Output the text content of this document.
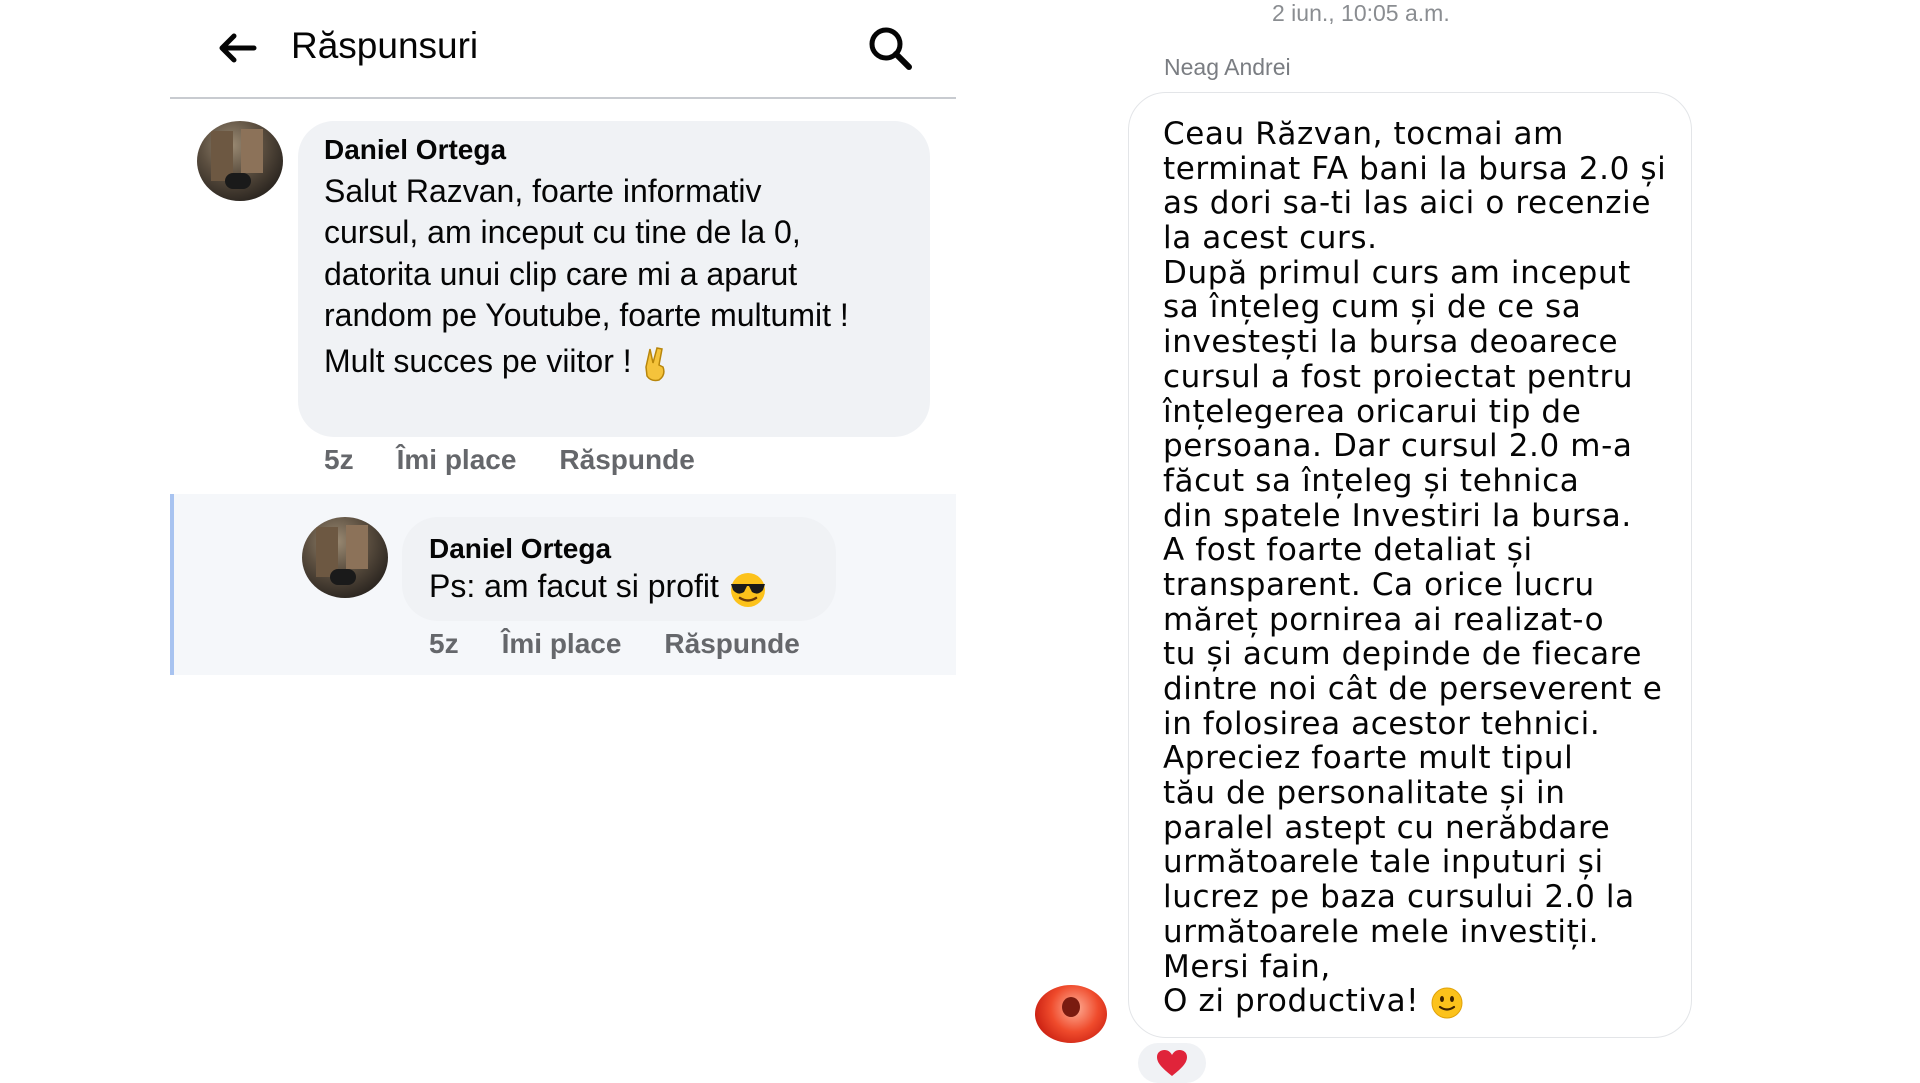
Răspunsuri
Daniel Ortega
Salut Razvan, foarte informativ
cursul, am inceput cu tine de la 0,
datorita unui clip care mi a aparut
random pe Youtube, foarte multumit !
Mult succes pe viitor !
5z Îmi place Răspunde
Daniel Ortega
Ps: am facut si profit
5z Îmi place Răspunde
2 iun., 10:05 a.m.
Neag Andrei
Ceau Răzvan, tocmai am
terminat FA bani la bursa 2.0 și
as dori sa-ti las aici o recenzie
la acest curs.
După primul curs am inceput
sa înțeleg cum și de ce sa
investești la bursa deoarece
cursul a fost proiectat pentru
înțelegerea oricarui tip de
persoana. Dar cursul 2.0 m-a
făcut sa înțeleg și tehnica
din spatele Investiri la bursa.
A fost foarte detaliat și
transparent. Ca orice lucru
măreț pornirea ai realizat-o
tu și acum depinde de fiecare
dintre noi cât de perseverent e
in folosirea acestor tehnici.
Apreciez foarte mult tipul
tău de personalitate și in
paralel astept cu nerăbdare
următoarele tale inputuri și
lucrez pe baza cursului 2.0 la
următoarele mele investiți.
Mersi fain,
O zi productiva!
